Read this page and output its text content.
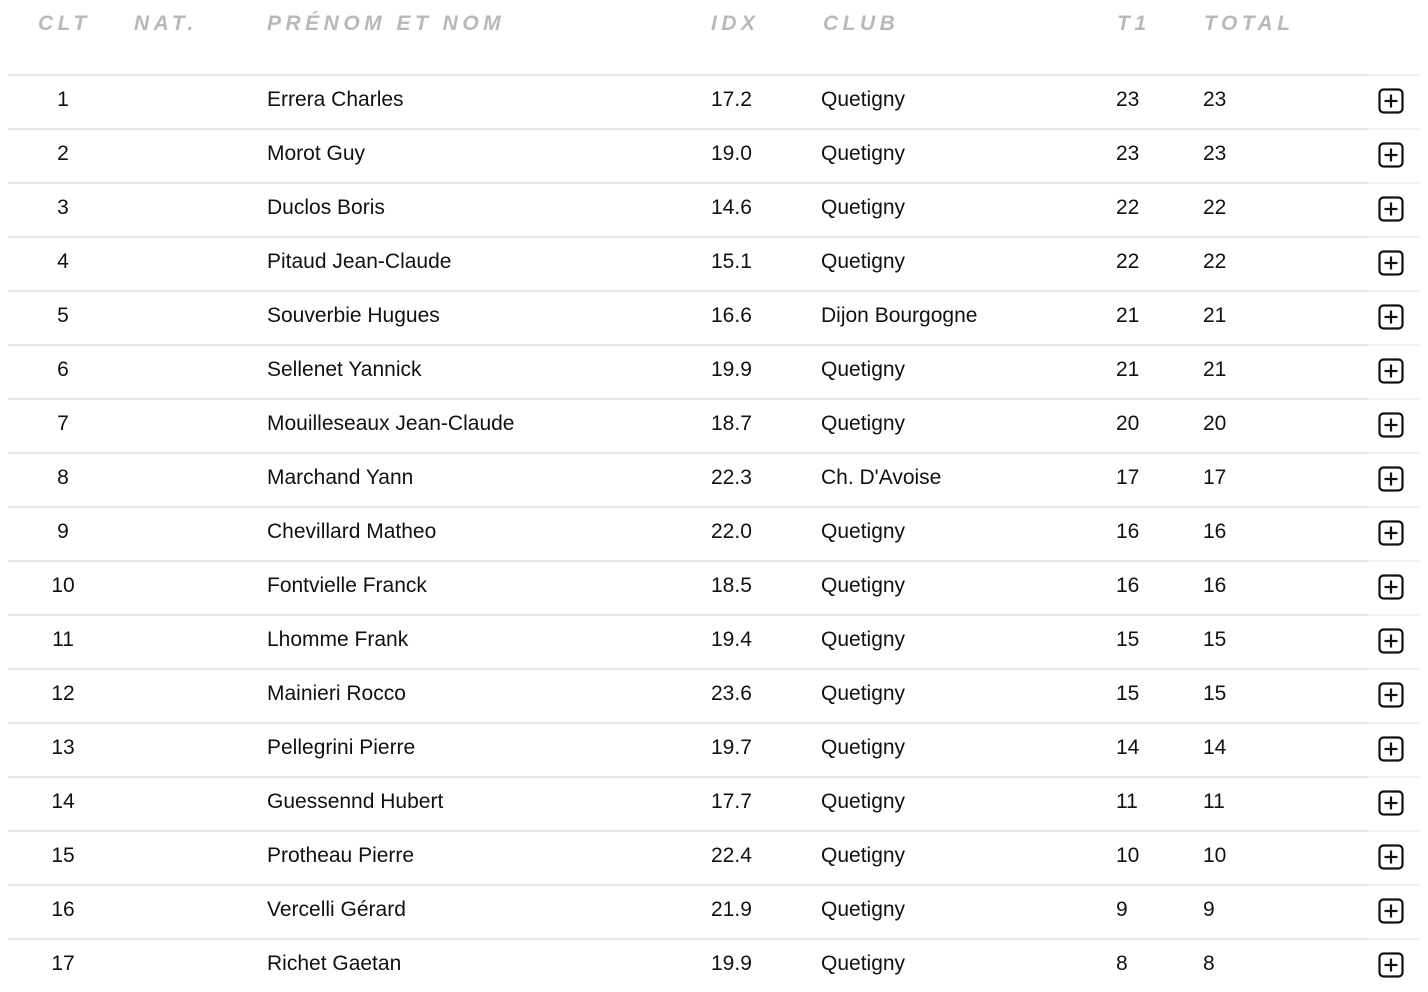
CLT NAT.	PRÉNOM ET NOM	IDX	CLUB	T1	TOTAL
1	Errera Charles	17.2	Quetigny	23	23
2	Morot Guy	19.0	Quetigny	23	23
3	Duclos Boris	14.6	Quetigny	22	22
4	Pitaud Jean-Claude	15.1	Quetigny	22	22
5	Souverbie Hugues	16.6	Dijon Bourgogne	21	21
6	Sellenet Yannick	19.9	Quetigny	21	21
7	Mouilleseaux Jean-Claude	18.7	Quetigny	20	20
8	Marchand Yann	22.3	Ch. D'Avoise	17	17
9	Chevillard Matheo	22.0	Quetigny	16	16
10	Fontvielle Franck	18.5	Quetigny	16	16
11	Lhomme Frank	19.4	Quetigny	15	15
12	Mainieri Rocco	23.6	Quetigny	15	15
13	Pellegrini Pierre	19.7	Quetigny	14	14
14	Guessennd Hubert	17.7	Quetigny	11	11
15	Protheau Pierre	22.4	Quetigny	10	10
16	Vercelli Gérard	21.9	Quetigny	9	9
17	Richet Gaetan	19.9	Quetigny	8	8
